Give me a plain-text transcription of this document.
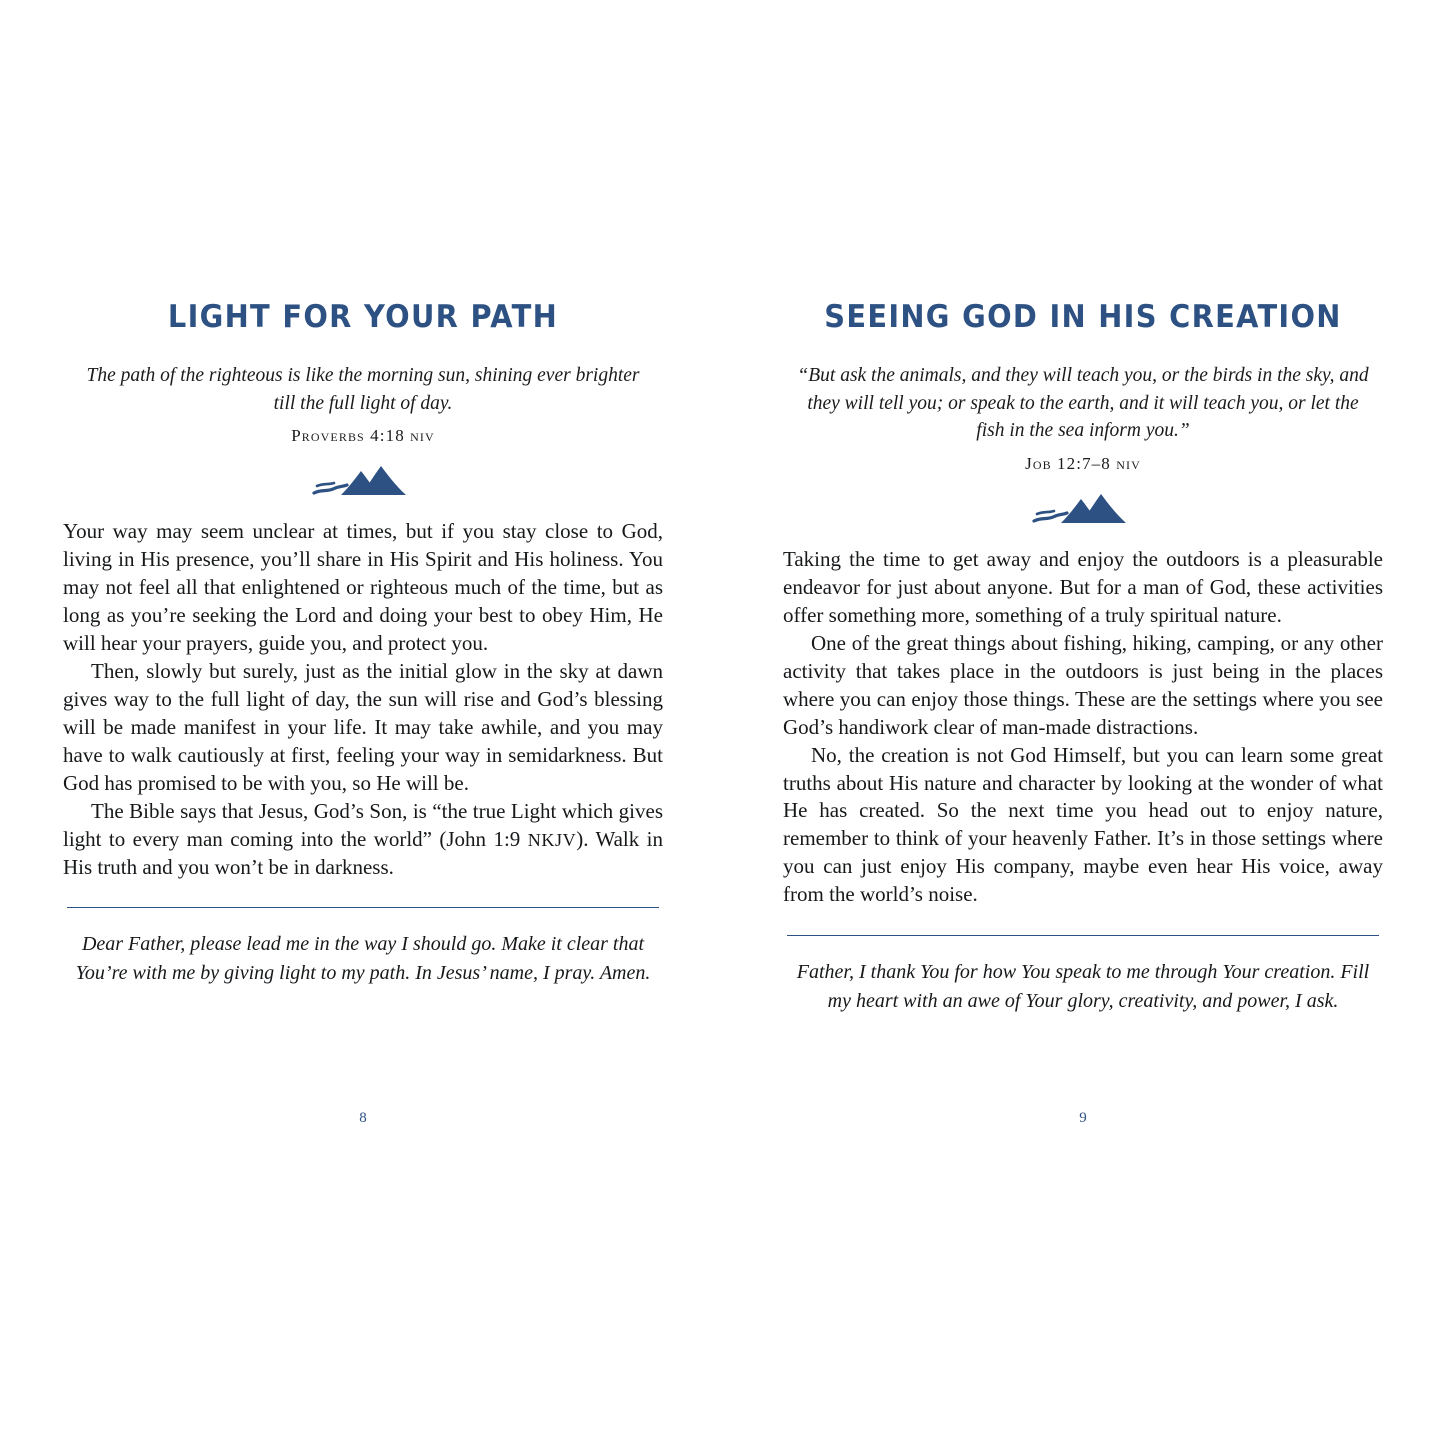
LIGHT FOR YOUR PATH
The path of the righteous is like the morning sun, shining ever brighter till the full light of day.
Proverbs 4:18 niv

Your way may seem unclear at times, but if you stay close to God, living in His presence, you’ll share in His Spirit and His holiness. You may not feel all that enlightened or righteous much of the time, but as long as you’re seeking the Lord and doing your best to obey Him, He will hear your prayers, guide you, and protect you.

Then, slowly but surely, just as the initial glow in the sky at dawn gives way to the full light of day, the sun will rise and God’s blessing will be made manifest in your life. It may take awhile, and you may have to walk cautiously at first, feeling your way in semidarkness. But God has promised to be with you, so He will be.

The Bible says that Jesus, God’s Son, is “the true Light which gives light to every man coming into the world” (John 1:9 NKJV). Walk in His truth and you won’t be in darkness.

Dear Father, please lead me in the way I should go. Make it clear that You’re with me by giving light to my path. In Jesus’ name, I pray. Amen.
SEEING GOD IN HIS CREATION
“But ask the animals, and they will teach you, or the birds in the sky, and they will tell you; or speak to the earth, and it will teach you, or let the fish in the sea inform you.”
Job 12:7–8 niv

Taking the time to get away and enjoy the outdoors is a pleasurable endeavor for just about anyone. But for a man of God, these activities offer something more, something of a truly spiritual nature.

One of the great things about fishing, hiking, camping, or any other activity that takes place in the outdoors is just being in the places where you can enjoy those things. These are the settings where you see God’s handiwork clear of man-made distractions.

No, the creation is not God Himself, but you can learn some great truths about His nature and character by looking at the wonder of what He has created. So the next time you head out to enjoy nature, remember to think of your heavenly Father. It’s in those settings where you can just enjoy His company, maybe even hear His voice, away from the world’s noise.

Father, I thank You for how You speak to me through Your creation. Fill my heart with an awe of Your glory, creativity, and power, I ask.
8	9
